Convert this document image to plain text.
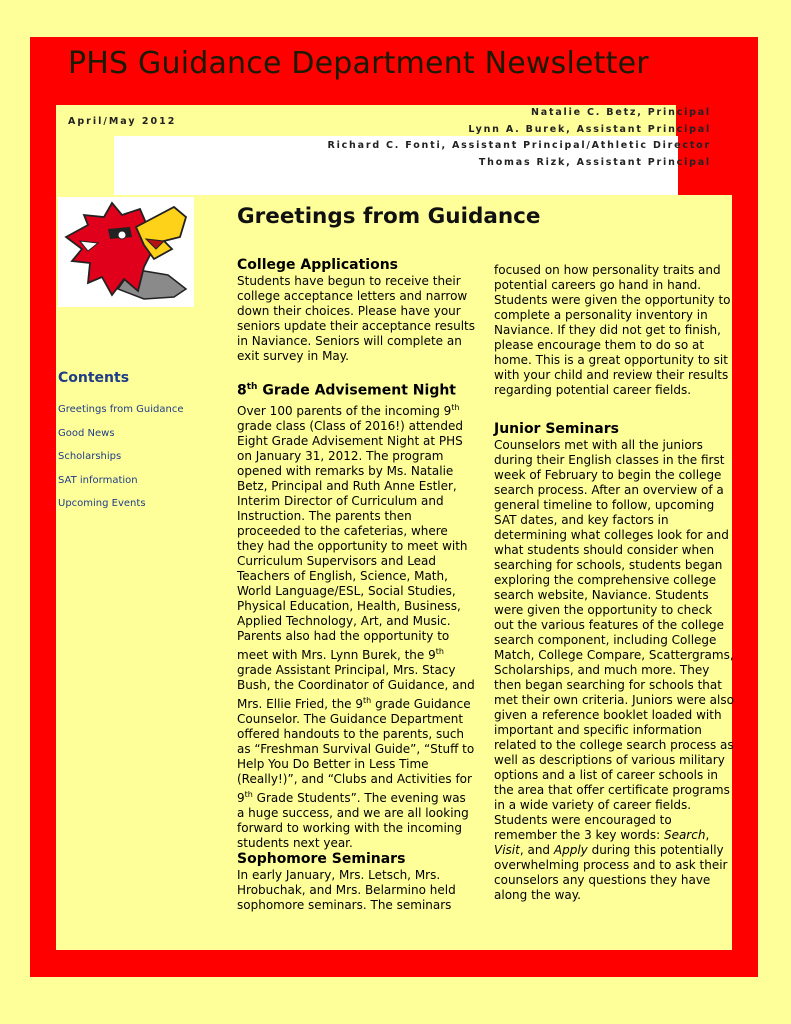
PHS Guidance Department Newsletter
April/May 2012
Natalie C. Betz, Principal
Lynn A. Burek, Assistant Principal
Richard C. Fonti, Assistant Principal/Athletic Director
Thomas Rizk, Assistant Principal
Contents
Greetings from Guidance
Good News
Scholarships
SAT information
Upcoming Events
Greetings from Guidance
College Applications

Students have begun to receive their college acceptance letters and narrow down their choices. Please have your seniors update their acceptance results in Naviance. Seniors will complete an exit survey in May.

8th Grade Advisement Night

Over 100 parents of the incoming 9th grade class (Class of 2016!) attended Eight Grade Advisement Night at PHS on January 31, 2012. The program opened with remarks by Ms. Natalie Betz, Principal and Ruth Anne Estler, Interim Director of Curriculum and Instruction. The parents then proceeded to the cafeterias, where they had the opportunity to meet with Curriculum Supervisors and Lead Teachers of English, Science, Math, World Language/ESL, Social Studies, Physical Education, Health, Business, Applied Technology, Art, and Music. Parents also had the opportunity to meet with Mrs. Lynn Burek, the 9th grade Assistant Principal, Mrs. Stacy Bush, the Coordinator of Guidance, and Mrs. Ellie Fried, the 9th grade Guidance Counselor. The Guidance Department offered handouts to the parents, such as “Freshman Survival Guide”, “Stuff to Help You Do Better in Less Time (Really!)”, and “Clubs and Activities for 9th Grade Students”. The evening was a huge success, and we are all looking forward to working with the incoming students next year.

Sophomore Seminars

In early January, Mrs. Letsch, Mrs. Hrobuchak, and Mrs. Belarmino held sophomore seminars. The seminars

focused on how personality traits and potential careers go hand in hand. Students were given the opportunity to complete a personality inventory in Naviance. If they did not get to finish, please encourage them to do so at home. This is a great opportunity to sit with your child and review their results regarding potential career fields.

Junior Seminars

Counselors met with all the juniors during their English classes in the first week of February to begin the college search process. After an overview of a general timeline to follow, upcoming SAT dates, and key factors in determining what colleges look for and what students should consider when searching for schools, students began exploring the comprehensive college search website, Naviance. Students were given the opportunity to check out the various features of the college search component, including College Match, College Compare, Scattergrams, Scholarships, and much more. They then began searching for schools that met their own criteria. Juniors were also given a reference booklet loaded with important and specific information related to the college search process as well as descriptions of various military options and a list of career schools in the area that offer certificate programs in a wide variety of career fields. Students were encouraged to remember the 3 key words: Search, Visit, and Apply during this potentially overwhelming process and to ask their counselors any questions they have along the way.
